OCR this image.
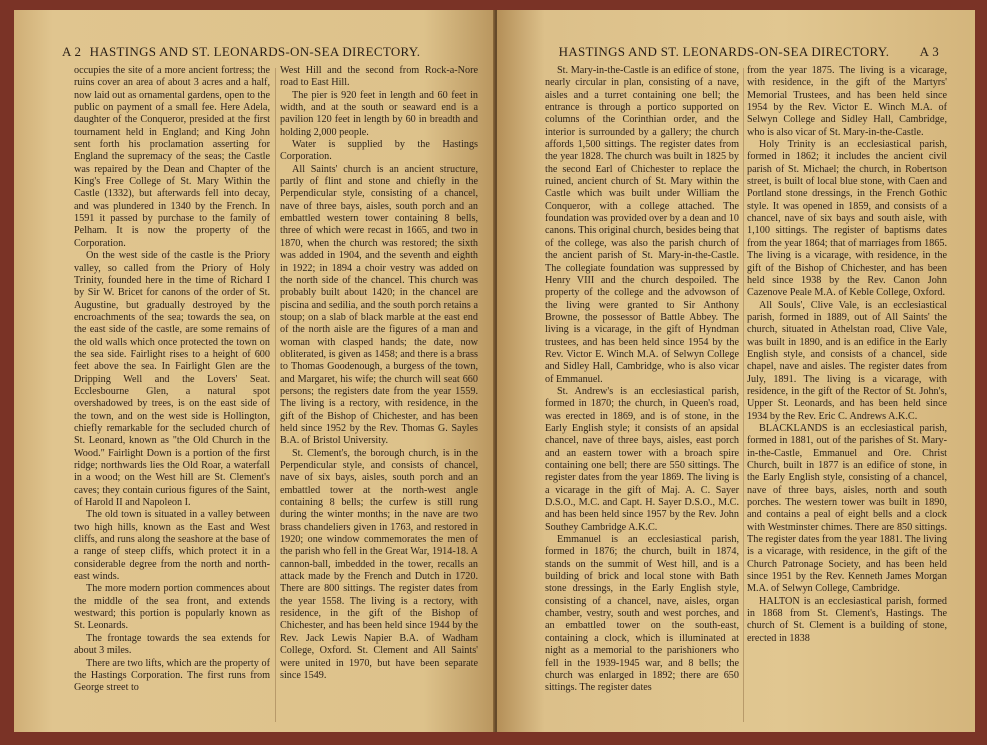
A 2 HASTINGS AND ST. LEONARDS-ON-SEA DIRECTORY.

occupies the site of a more ancient fortress; the ruins cover an area of about 3 acres and a half, now laid out as ornamental gardens, open to the public on payment of a small fee. Here Adela, daughter of the Conqueror, presided at the first tournament held in England; and King John sent forth his proclamation asserting for England the supremacy of the seas; the Castle was repaired by the Dean and Chapter of the King's Free College of St. Mary Within the Castle (1332), but afterwards fell into decay, and was plundered in 1340 by the French. In 1591 it passed by purchase to the family of Pelham. It is now the property of the Corporation.

On the west side of the castle is the Priory valley, so called from the Priory of Holy Trinity, founded here in the time of Richard I by Sir W. Bricet for canons of the order of St. Augustine, but gradually destroyed by the encroachments of the sea; towards the sea, on the east side of the castle, are some remains of the old walls which once protected the town on the sea side. Fairlight rises to a height of 600 feet above the sea. In Fairlight Glen are the Dripping Well and the Lovers' Seat. Ecclesbourne Glen, a natural spot overshadowed by trees, is on the east side of the town, and on the west side is Hollington, chiefly remarkable for the secluded church of St. Leonard, known as "the Old Church in the Wood." Fairlight Down is a portion of the first ridge; northwards lies the Old Roar, a waterfall in a wood; on the West hill are St. Clement's caves; they contain curious figures of the Saint, of Harold II and Napoleon I.

The old town is situated in a valley between two high hills, known as the East and West cliffs, and runs along the seashore at the base of a range of steep cliffs, which protect it in a considerable degree from the north and north-east winds.

The more modern portion commences about the middle of the sea front, and extends westward; this portion is popularly known as St. Leonards.

The frontage towards the sea extends for about 3 miles.

There are two lifts, which are the property of the Hastings Corporation. The first runs from George street to

West Hill and the second from Rock-a-Nore road to East Hill.

The pier is 920 feet in length and 60 feet in width, and at the south or seaward end is a pavilion 120 feet in length by 60 in breadth and holding 2,000 people.

Water is supplied by the Hastings Corporation.

All Saints' church is an ancient structure, partly of flint and stone and chiefly in the Perpendicular style, consisting of a chancel, nave of three bays, aisles, south porch and an embattled western tower containing 8 bells, three of which were recast in 1665, and two in 1870, when the church was restored; the sixth was added in 1904, and the seventh and eighth in 1922; in 1894 a choir vestry was added on the north side of the chancel. This church was probably built about 1420; in the chancel are piscina and sedilia, and the south porch retains a stoup; on a slab of black marble at the east end of the north aisle are the figures of a man and woman with clasped hands; the date, now obliterated, is given as 1458; and there is a brass to Thomas Goodenough, a burgess of the town, and Margaret, his wife; the church will seat 660 persons; the registers date from the year 1559. The living is a rectory, with residence, in the gift of the Bishop of Chichester, and has been held since 1952 by the Rev. Thomas G. Sayles B.A. of Bristol University.

St. Clement's, the borough church, is in the Perpendicular style, and consists of chancel, nave of six bays, aisles, south porch and an embattled tower at the north-west angle containing 8 bells; the curfew is still rung during the winter months; in the nave are two brass chandeliers given in 1763, and restored in 1920; one window commemorates the men of the parish who fell in the Great War, 1914-18. A cannon-ball, imbedded in the tower, recalls an attack made by the French and Dutch in 1720. There are 800 sittings. The register dates from the year 1558. The living is a rectory, with residence, in the gift of the Bishop of Chichester, and has been held since 1944 by the Rev. Jack Lewis Napier B.A. of Wadham College, Oxford. St. Clement and All Saints' were united in 1970, but have been separate since 1549.

HASTINGS AND ST. LEONARDS-ON-SEA DIRECTORY.	A 3

St. Mary-in-the-Castle is an edifice of stone, nearly circular in plan, consisting of a nave, aisles and a turret containing one bell; the entrance is through a portico supported on columns of the Corinthian order, and the interior is surrounded by a gallery; the church affords 1,500 sittings. The register dates from the year 1828. The church was built in 1825 by the second Earl of Chichester to replace the ruined, ancient church of St. Mary within the Castle which was built under William the Conqueror, with a college attached. The foundation was provided over by a dean and 10 canons. This original church, besides being that of the college, was also the parish church of the ancient parish of St. Mary-in-the-Castle. The collegiate foundation was suppressed by Henry VIII and the church despoiled. The property of the college and the advowson of the living were granted to Sir Anthony Browne, the possessor of Battle Abbey. The living is a vicarage, in the gift of Hyndman trustees, and has been held since 1954 by the Rev. Victor E. Winch M.A. of Selwyn College and Sidley Hall, Cambridge, who is also vicar of Emmanuel.

St. Andrew's is an ecclesiastical parish, formed in 1870; the church, in Queen's road, was erected in 1869, and is of stone, in the Early English style; it consists of an apsidal chancel, nave of three bays, aisles, east porch and an eastern tower with a broach spire containing one bell; there are 550 sittings. The register dates from the year 1869. The living is a vicarage in the gift of Maj. A. C. Sayer D.S.O., M.C. and Capt. H. Sayer D.S.O., M.C. and has been held since 1957 by the Rev. John Southey Cambridge A.K.C.

Emmanuel is an ecclesiastical parish, formed in 1876; the church, built in 1874, stands on the summit of West hill, and is a building of brick and local stone with Bath stone dressings, in the Early English style, consisting of a chancel, nave, aisles, organ chamber, vestry, south and west porches, and an embattled tower on the south-east, containing a clock, which is illuminated at night as a memorial to the parishioners who fell in the 1939-1945 war, and 8 bells; the church was enlarged in 1892; there are 650 sittings. The register dates

from the year 1875. The living is a vicarage, with residence, in the gift of the Martyrs' Memorial Trustees, and has been held since 1954 by the Rev. Victor E. Winch M.A. of Selwyn College and Sidley Hall, Cambridge, who is also vicar of St. Mary-in-the-Castle.

Holy Trinity is an ecclesiastical parish, formed in 1862; it includes the ancient civil parish of St. Michael; the church, in Robertson street, is built of local blue stone, with Caen and Portland stone dressings, in the French Gothic style. It was opened in 1859, and consists of a chancel, nave of six bays and south aisle, with 1,100 sittings. The register of baptisms dates from the year 1864; that of marriages from 1865. The living is a vicarage, with residence, in the gift of the Bishop of Chichester, and has been held since 1938 by the Rev. Canon John Cazenove Peale M.A. of Keble College, Oxford.

All Souls', Clive Vale, is an ecclesiastical parish, formed in 1889, out of All Saints' the church, situated in Athelstan road, Clive Vale, was built in 1890, and is an edifice in the Early English style, and consists of a chancel, side chapel, nave and aisles. The register dates from July, 1891. The living is a vicarage, with residence, in the gift of the Rector of St. John's, Upper St. Leonards, and has been held since 1934 by the Rev. Eric C. Andrews A.K.C.

BLACKLANDS is an ecclesiastical parish, formed in 1881, out of the parishes of St. Mary-in-the-Castle, Emmanuel and Ore. Christ Church, built in 1877 is an edifice of stone, in the Early English style, consisting of a chancel, nave of three bays, aisles, north and south porches. The western tower was built in 1890, and contains a peal of eight bells and a clock with Westminster chimes. There are 850 sittings. The register dates from the year 1881. The living is a vicarage, with residence, in the gift of the Church Patronage Society, and has been held since 1951 by the Rev. Kenneth James Morgan M.A. of Selwyn College, Cambridge.

HALTON is an ecclesiastical parish, formed in 1868 from St. Clement's, Hastings. The church of St. Clement is a building of stone, erected in 1838
